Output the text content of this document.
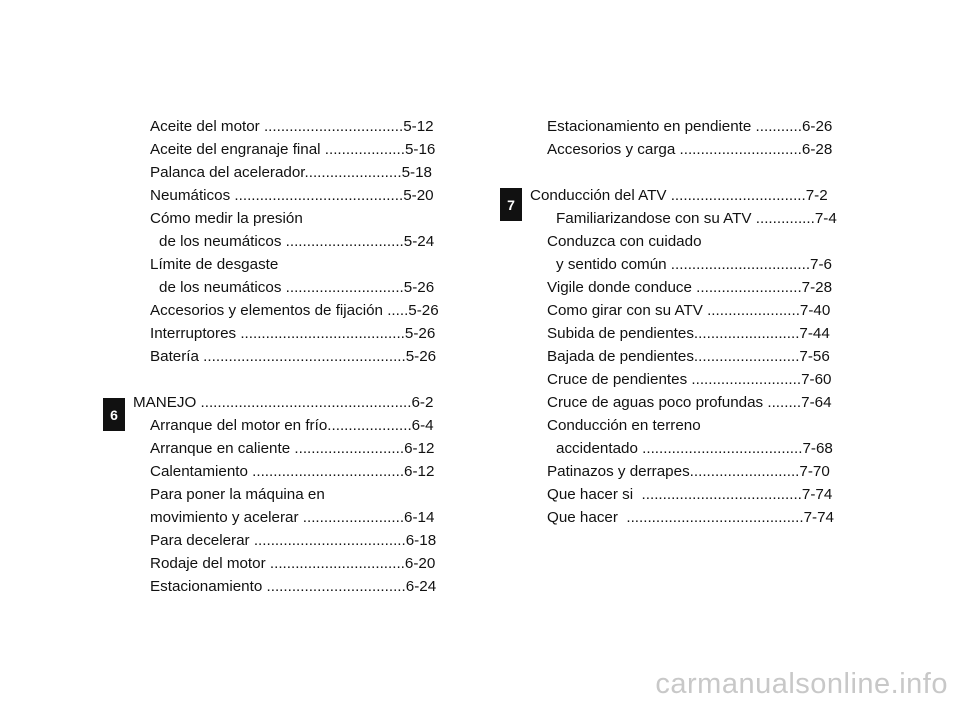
Aceite del motor .................................5-12
Aceite del engranaje final ...................5-16
Palanca del acelerador.......................5-18
Neumáticos ........................................5-20
Cómo medir la presión
de los neumáticos ............................5-24
Límite de desgaste
de los neumáticos ............................5-26
Accesorios y elementos de fijación .....5-26
Interruptores .......................................5-26
Batería ................................................5-26
MANEJO ..................................................6-2
Arranque del motor en frío....................6-4
Arranque en caliente ..........................6-12
Calentamiento ....................................6-12
Para poner la máquina en
movimiento y acelerar ........................6-14
Para decelerar ....................................6-18
Rodaje del motor ................................6-20
Estacionamiento .................................6-24
Estacionamiento en pendiente ...........6-26
Accesorios y carga .............................6-28
Conducción del ATV ................................7-2
Familiarizandose con su ATV ..............7-4
Conduzca con cuidado
y sentido común .................................7-6
Vigile donde conduce .........................7-28
Como girar con su ATV ......................7-40
Subida de pendientes.........................7-44
Bajada de pendientes.........................7-56
Cruce de pendientes ..........................7-60
Cruce de aguas poco profundas ........7-64
Conducción en terreno
accidentado ......................................7-68
Patinazos y derrapes..........................7-70
Que hacer si  ......................................7-74
Que hacer  ..........................................7-74
6
7
carmanualsonline.info
